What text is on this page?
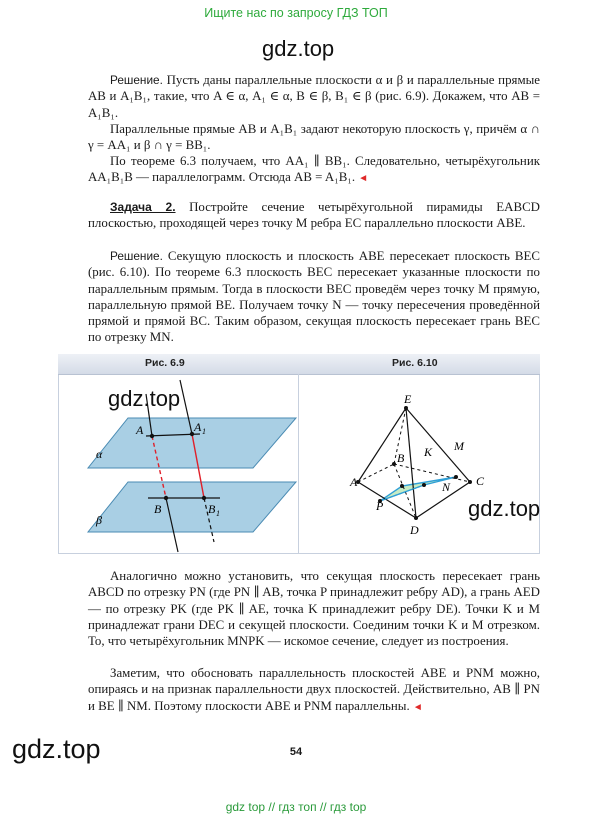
Ищите нас по запросу ГДЗ ТОП
gdz.top

Решение. Пусть даны параллельные плоскости α и β и параллельные прямые AB и A₁B₁, такие, что A ∈ α, A₁ ∈ α, B ∈ β, B₁ ∈ β (рис. 6.9). Докажем, что AB = A₁B₁.

Параллельные прямые AB и A₁B₁ задают некоторую плоскость γ, причём α ∩ γ = AA₁ и β ∩ γ = BB₁.

По теореме 6.3 получаем, что AA₁ ∥ BB₁. Следовательно, четырёхугольник AA₁B₁B — параллелограмм. Отсюда AB = A₁B₁. ◄

Задача 2. Постройте сечение четырёхугольной пирамиды EABCD плоскостью, проходящей через точку M ребра EC параллельно плоскости ABE.

Решение. Секущую плоскость и плоскость ABE пересекает плоскость BEC (рис. 6.10). По теореме 6.3 плоскость BEC пересекает указанные плоскости по параллельным прямым. Тогда в плоскости BEC проведём через точку M прямую, параллельную прямой BE. Получаем точку N — точку пересечения проведённой прямой и прямой BC. Таким образом, секущая плоскость пересекает грань BEC по отрезку MN.

Рис. 6.9	Рис. 6.10
A	A 1
B	B 1
α
β
E
B K M
A	N C
P
D
gdz.top
gdz.top

Аналогично можно установить, что секущая плоскость пересекает грань ABCD по отрезку PN (где PN ∥ AB, точка P принадлежит ребру AD), а грань AED — по отрезку PK (где PK ∥ AE, точка K принадлежит ребру DE). Точки K и M принадлежат грани DEC и секущей плоскости. Соединим точки K и M отрезком. То, что четырёхугольник MNPK — искомое сечение, следует из построения.

Заметим, что обосновать параллельность плоскостей ABE и PNM можно, опираясь и на признак параллельности двух плоскостей. Действительно, AB ∥ PN и BE ∥ NM. Поэтому плоскости ABE и PNM параллельны. ◄

gdz.top	54
gdz top // гдз топ // гдз top
